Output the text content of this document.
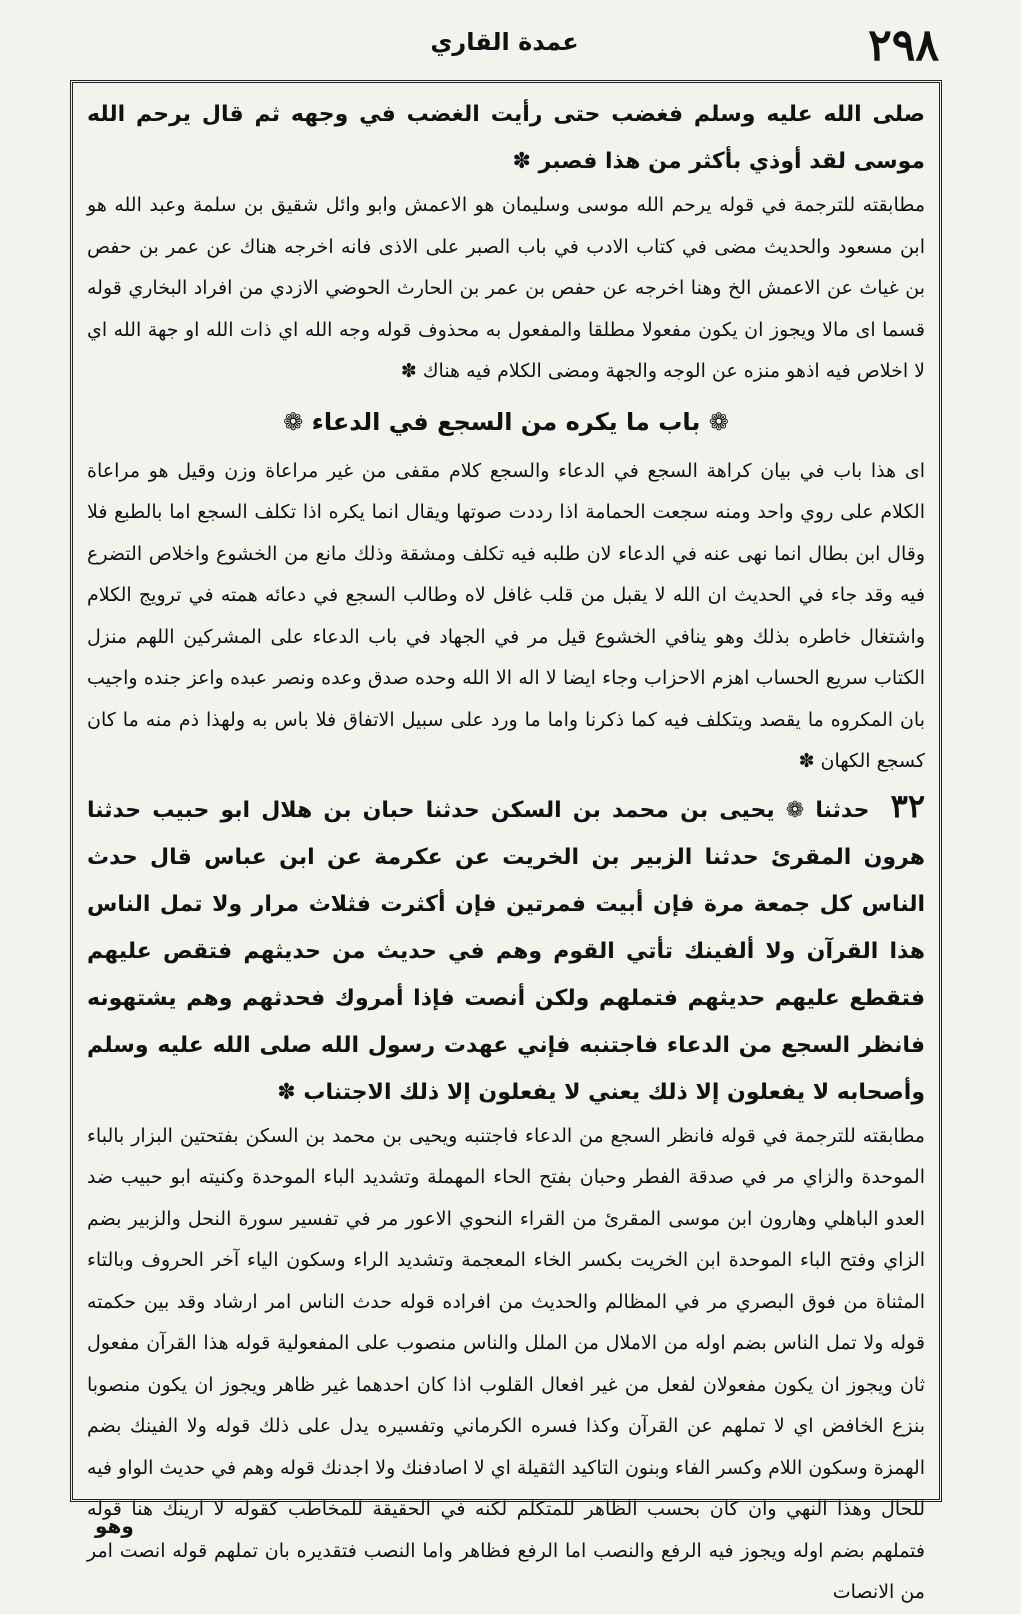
٢٩٨
عمدة القاري
صلى الله عليه وسلم فغضب حتى رأيت الغضب في وجهه ثم قال يرحم الله موسى لقد أوذي بأكثر من هذا فصبر ✽
مطابقته للترجمة في قوله يرحم الله موسى وسليمان هو الاعمش وابو وائل شقيق بن سلمة وعبد الله هو ابن مسعود والحديث مضى في كتاب الادب في باب الصبر على الاذى فانه اخرجه هناك عن عمر بن حفص بن غياث عن الاعمش الخ وهنا اخرجه عن حفص بن عمر بن الحارث الحوضي الازدي من افراد البخاري قوله قسما اى مالا ويجوز ان يكون مفعولا مطلقا والمفعول به محذوف قوله وجه الله اي ذات الله او جهة الله اي لا اخلاص فيه اذهو منزه عن الوجه والجهة ومضى الكلام فيه هناك ✽
❁ باب ما يكره من السجع في الدعاء ❁
اى هذا باب في بيان كراهة السجع في الدعاء والسجع كلام مقفى من غير مراعاة وزن وقيل هو مراعاة الكلام على روي واحد ومنه سجعت الحمامة اذا رددت صوتها ويقال انما يكره اذا تكلف السجع اما بالطبع فلا وقال ابن بطال انما نهى عنه في الدعاء لان طلبه فيه تكلف ومشقة وذلك مانع من الخشوع واخلاص التضرع فيه وقد جاء في الحديث ان الله لا يقبل من قلب غافل لاه وطالب السجع في دعائه همته في ترويج الكلام واشتغال خاطره بذلك وهو ينافي الخشوع قيل مر في الجهاد في باب الدعاء على المشركين اللهم منزل الكتاب سريع الحساب اهزم الاحزاب وجاء ايضا لا اله الا الله وحده صدق وعده ونصر عبده واعز جنده واجيب بان المكروه ما يقصد ويتكلف فيه كما ذكرنا واما ما ورد على سبيل الاتفاق فلا باس به ولهذا ذم منه ما كان كسجع الكهان ✽
٣٢ حدثنا ❁ يحيى بن محمد بن السكن حدثنا حبان بن هلال ابو حبيب حدثنا هرون المقرئ حدثنا الزبير بن الخريت عن عكرمة عن ابن عباس قال حدث الناس كل جمعة مرة فإن أبيت فمرتين فإن أكثرت فثلاث مرار ولا تمل الناس هذا القرآن ولا ألفينك تأتي القوم وهم في حديث من حديثهم فتقص عليهم فتقطع عليهم حديثهم فتملهم ولكن أنصت فإذا أمروك فحدثهم وهم يشتهونه فانظر السجع من الدعاء فاجتنبه فإني عهدت رسول الله صلى الله عليه وسلم وأصحابه لا يفعلون إلا ذلك يعني لا يفعلون إلا ذلك الاجتناب ✽
مطابقته للترجمة في قوله فانظر السجع من الدعاء فاجتنبه ويحيى بن محمد بن السكن بفتحتين البزار بالباء الموحدة والزاي مر في صدقة الفطر وحبان بفتح الحاء المهملة وتشديد الباء الموحدة وكنيته ابو حبيب ضد العدو الباهلي وهارون ابن موسى المقرئ من القراء النحوي الاعور مر في تفسير سورة النحل والزبير بضم الزاي وفتح الباء الموحدة ابن الخريت بكسر الخاء المعجمة وتشديد الراء وسكون الياء آخر الحروف وبالتاء المثناة من فوق البصري مر في المظالم والحديث من افراده قوله حدث الناس امر ارشاد وقد بين حكمته قوله ولا تمل الناس بضم اوله من الاملال من الملل والناس منصوب على المفعولية قوله هذا القرآن مفعول ثان ويجوز ان يكون مفعولان لفعل من غير افعال القلوب اذا كان احدهما غير ظاهر ويجوز ان يكون منصوبا بنزع الخافض اي لا تملهم عن القرآن وكذا فسره الكرماني وتفسيره يدل على ذلك قوله ولا الفينك بضم الهمزة وسكون اللام وكسر الفاء وبنون التاكيد الثقيلة اي لا اصادفنك ولا اجدنك قوله وهم في حديث الواو فيه للحال وهذا النهي وان كان بحسب الظاهر للمتكلم لكنه في الحقيقة للمخاطب كقوله لا ارينك هنا قوله فتملهم بضم اوله ويجوز فيه الرفع والنصب اما الرفع فظاهر واما النصب فتقديره بان تملهم قوله انصت امر من الانصات
وهو
